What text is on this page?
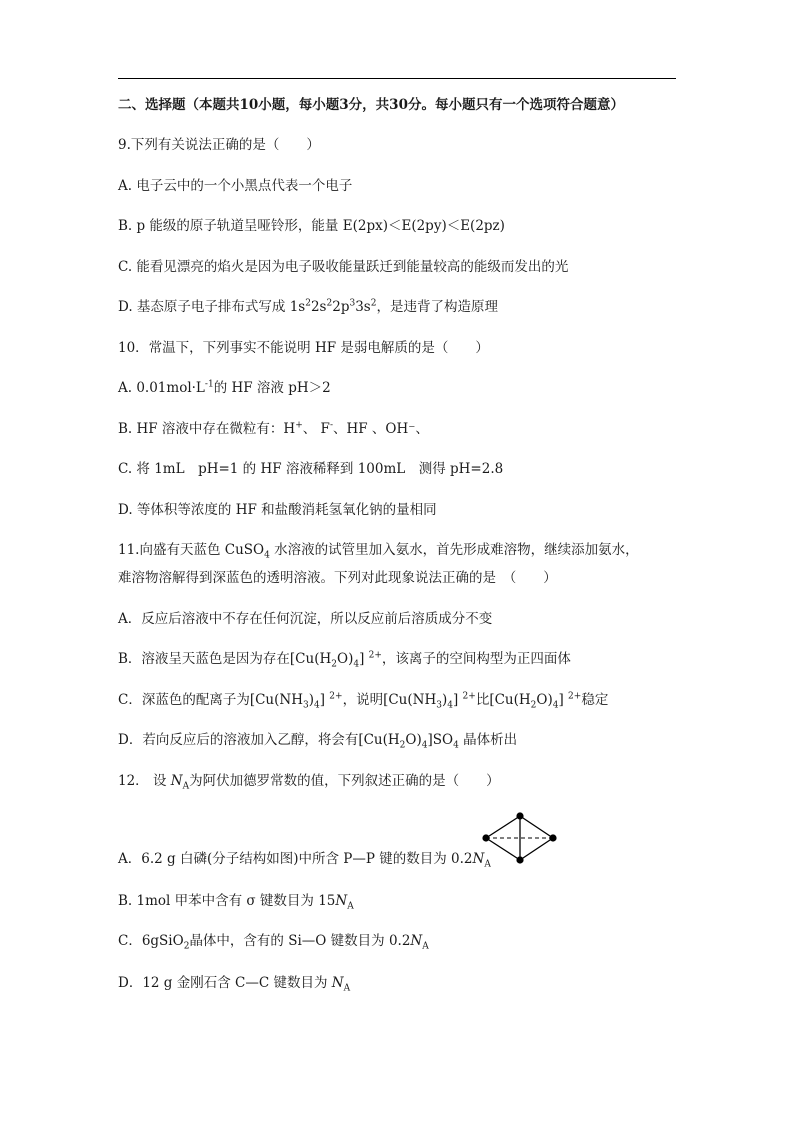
二、选择题（本题共10小题，每小题3分，共30分。每小题只有一个选项符合题意）
9.下列有关说法正确的是（　　）
A. 电子云中的一个小黑点代表一个电子
B. p 能级的原子轨道呈哑铃形，能量 E(2px)＜E(2py)＜E(2pz)
C. 能看见漂亮的焰火是因为电子吸收能量跃迁到能量较高的能级而发出的光
D. 基态原子电子排布式写成 $1s^22s^22p^33s^2$，是违背了构造原理
10．常温下，下列事实不能说明 HF 是弱电解质的是（　　）
A. $0.01mol\cdot L^{-1}$的 HF 溶液 pH＞2
B. HF 溶液中存在微粒有：H+、 F-、HF 、OH⁻、
C. 将 1mL　pH=1 的 HF 溶液稀释到 100mL　测得 pH=2.8
D. 等体积等浓度的 HF 和盐酸消耗氢氧化钠的量相同
11.向盛有天蓝色 CuSO$_4$ 水溶液的试管里加入氨水，首先形成难溶物，继续添加氨水，
难溶物溶解得到深蓝色的透明溶液。下列对此现象说法正确的是　（　　）
A．反应后溶液中不存在任何沉淀，所以反应前后溶质成分不变
B．溶液呈天蓝色是因为存在$[Cu(H_2O)_4]$ $^{2+}$，该离子的空间构型为正四面体
C．深蓝色的配离子为$[Cu(NH_3)_4]$ $^{2+}$，说明$[Cu(NH_3)_4]$ $^{2+}$比$[Cu(H_2O)_4]$ $^{2+}$稳定
D．若向反应后的溶液加入乙醇，将会有$[Cu(H_2O)_4]SO_4$ 晶体析出
12． 设 $N_A$为阿伏加德罗常数的值，下列叙述正确的是（　　）
A．6.2 g 白磷(分子结构如图)中所含 P—P 键的数目为 $0.2N_A$
B. 1mol 甲苯中含有 σ 键数目为 $15N_A$
C．6gSiO$_2$晶体中，含有的 Si—O 键数目为 $0.2N_A$
D．12 g 金刚石含 C—C 键数目为 $N_A$
